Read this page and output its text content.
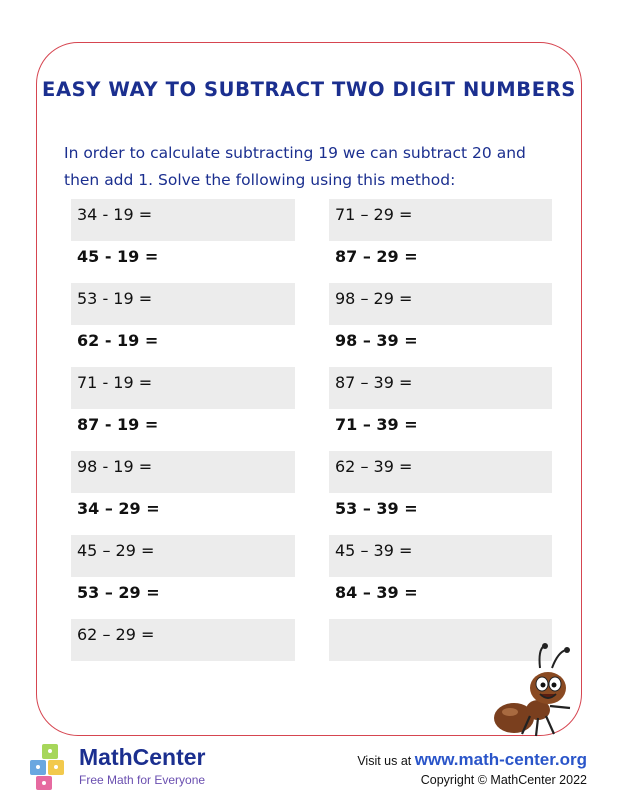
EASY WAY TO SUBTRACT TWO DIGIT NUMBERS
In order to calculate subtracting 19 we can subtract 20 and then add 1. Solve the following using this method:
34 - 19 =
45 - 19 =
53 - 19 =
62 - 19 =
71 - 19 =
87 - 19 =
98 - 19 =
34 – 29 =
45 – 29 =
53 – 29 =
62 – 29 =
71 – 29 =
87 – 29 =
98 – 29 =
98 – 39 =
87 – 39 =
71 – 39 =
62 – 39 =
53 – 39 =
45 – 39 =
84 – 39 =
MathCenter
Free Math for Everyone
Visit us at www.math-center.org
Copyright © MathCenter 2022
